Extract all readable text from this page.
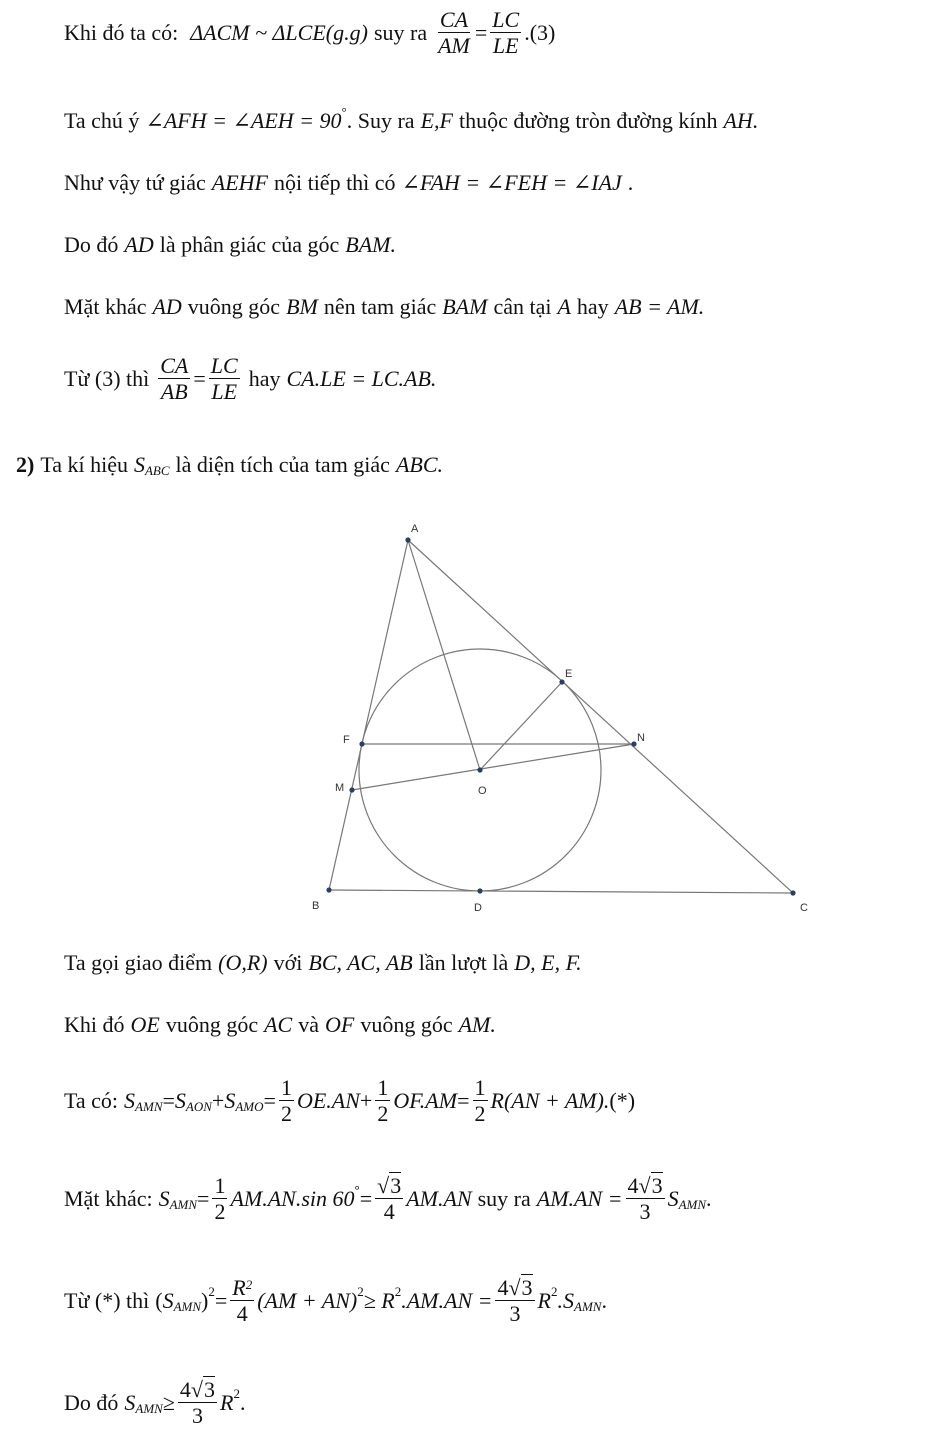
Khi đó ta có: ΔACM ~ ΔLCE(g.g) suy ra $\frac{CA}{AM} = \frac{LC}{LE} .(3)$
Ta chú ý ∠AFH = ∠AEH = 90 ° . Suy ra E,F thuộc đường tròn đường kính AH.
Như vậy tứ giác AEHF nội tiếp thì có ∠FAH = ∠FEH = ∠IAJ .
Do đó AD là phân giác của góc BAM.
Mặt khác AD vuông góc BM nên tam giác BAM cân tại A hay AB = AM.
Từ (3) thì $\frac{CA}{AB} = \frac{LC}{LE}$ hay CA.LE = LC.AB.
2) Ta kí hiệu S ABC là diện tích của tam giác ABC.
A
E
F	N
M	O
B	D	C
Ta gọi giao điểm (O,R) với BC, AC, AB lần lượt là D, E, F.
Khi đó OE vuông góc AC và OF vuông góc AM.
Ta có: S AMN = S AON + S AMO = $\frac{1}{2} OE.AN + \frac{1}{2} OF.AM = \frac{1}{2} R(AN + AM)$. (*)
Mặt khác: S AMN = $\frac{1}{2} AM.AN.\sin$ 60 ° = $\frac{√3}{4} AM.AN$ suy ra $AM.AN = \frac{4√3}{3}$ S AMN .
Từ (*) thì ( S AMN ) $2 = \frac{R^2}{4} (AM + AN) 2 \ge R$ 2 $.AM.AN = \frac{4√3}{3}$ R 2 .S AMN .
Do đó S AMN ≥ $\frac{4√3}{3}$ R 2 .
